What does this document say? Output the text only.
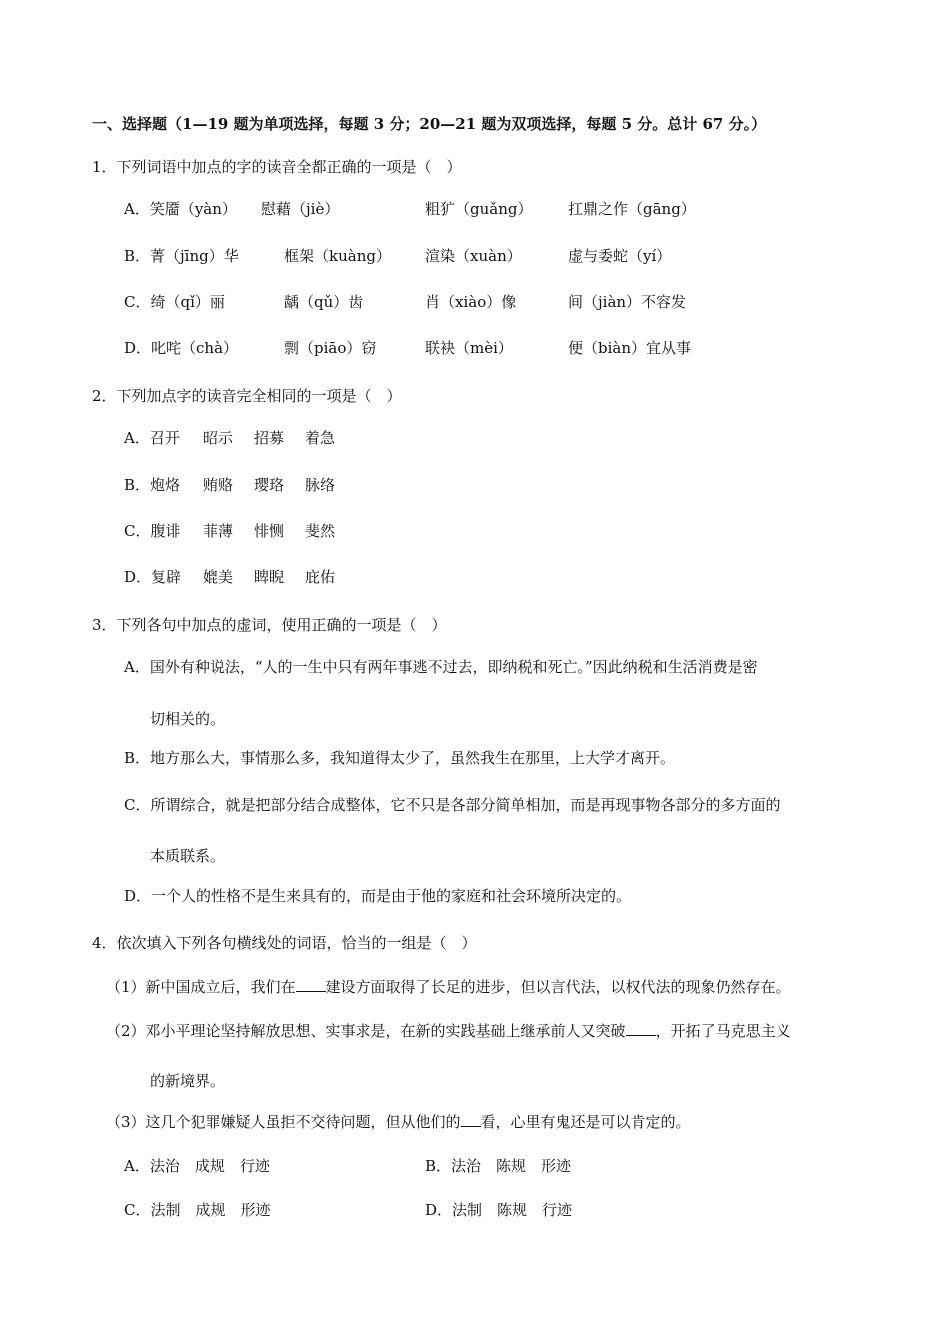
一、选择题（1—19 题为单项选择，每题 3 分；20—21 题为双项选择，每题 5 分。总计 67 分。）
1．下列词语中加点的字的读音全都正确的一项是（　）
A．笑靥（yàn） 慰藉（jiè）	粗犷（guǎng） 扛鼎之作（gāng）
B．菁（jīng）华	框架（kuàng） 渲染（xuàn）	虚与委蛇（yí）
C．绮（qǐ）丽	龋（qǔ）齿	肖（xiào）像	间（jiàn）不容发
D．叱咤（chà）	剽（piāo）窃	联袂（mèi）	便（biàn）宜从事
2．下列加点字的读音完全相同的一项是（　）
A．召开 昭示 招募 着急
B．炮烙 贿赂 璎珞 脉络
C．腹诽 菲薄 悱恻 斐然
D．复辟 媲美 睥睨 庇佑
3．下列各句中加点的虚词，使用正确的一项是（　）
A．国外有种说法，“人的一生中只有两年事逃不过去，即纳税和死亡。”因此纳税和生活消费是密
切相关的。
B．地方那么大，事情那么多，我知道得太少了，虽然我生在那里，上大学才离开。
C．所谓综合，就是把部分结合成整体，它不只是各部分简单相加，而是再现事物各部分的多方面的
本质联系。
D．一个人的性格不是生来具有的，而是由于他的家庭和社会环境所决定的。
4．依次填入下列各句横线处的词语，恰当的一组是（　）
（1）新中国成立后，我们在 建设方面取得了长足的进步，但以言代法，以权代法的现象仍然存在。
（2）邓小平理论坚持解放思想、实事求是，在新的实践基础上继承前人又突破 ，开拓了马克思主义
的新境界。
（3）这几个犯罪嫌疑人虽拒不交待问题，但从他们的 看，心里有鬼还是可以肯定的。
A．法治　成规　行迹	B．法治　陈规　形迹
C．法制　成规　形迹	D．法制　陈规　行迹
